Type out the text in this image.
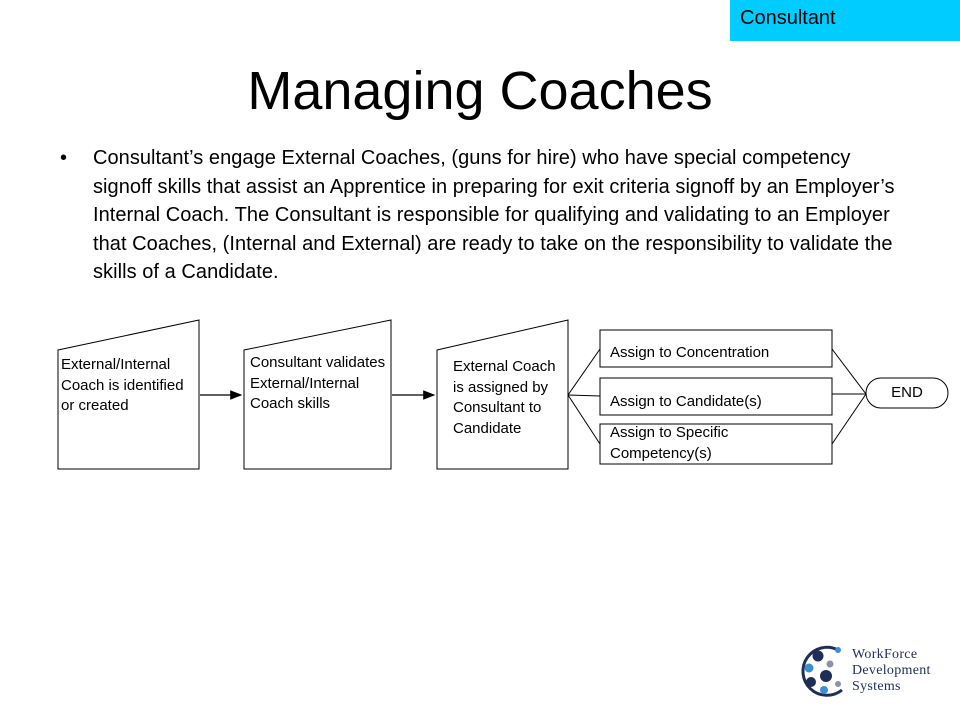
Consultant
Managing Coaches
• Consultant’s engage External Coaches, (guns for hire) who have special competency signoff skills that assist an Apprentice in preparing for exit criteria signoff by an Employer’s Internal Coach. The Consultant is responsible for qualifying and validating to an Employer that Coaches, (Internal and External) are ready to take on the responsibility to validate the skills of a Candidate.
External/Internal Coach is identified or created
Consultant validates External/Internal Coach skills
External Coach is assigned by Consultant to Candidate
Assign to Concentration
Assign to Candidate(s)
Assign to Specific Competency(s)
END
WorkForce
Development
Systems
